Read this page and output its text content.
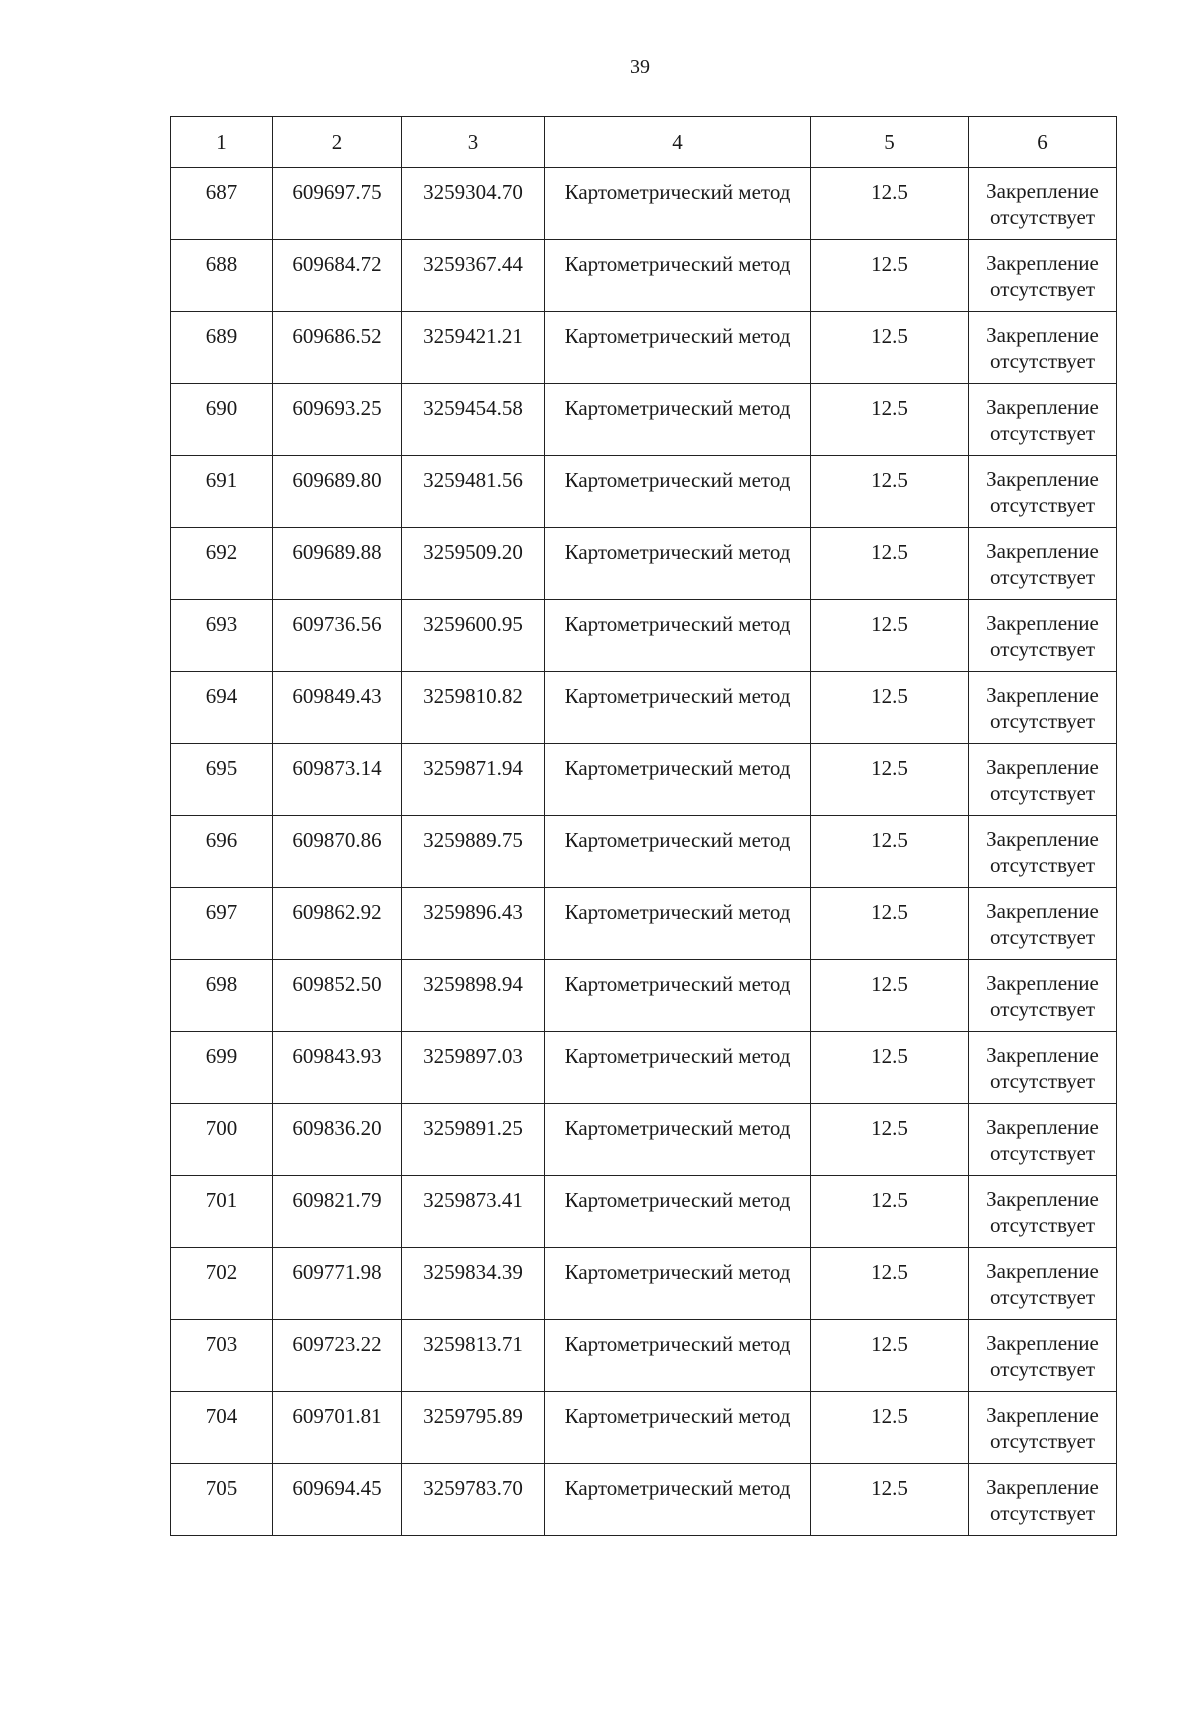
39
1	2	3	4	5	6
687	609697.75	3259304.70	Картометрический метод	12.5	Закрепление
отсутствует

688	609684.72	3259367.44	Картометрический метод	12.5	Закрепление
отсутствует

689	609686.52	3259421.21	Картометрический метод	12.5	Закрепление
отсутствует

690	609693.25	3259454.58	Картометрический метод	12.5	Закрепление
отсутствует

691	609689.80	3259481.56	Картометрический метод	12.5	Закрепление
отсутствует

692	609689.88	3259509.20	Картометрический метод	12.5	Закрепление
отсутствует

693	609736.56	3259600.95	Картометрический метод	12.5	Закрепление
отсутствует

694	609849.43	3259810.82	Картометрический метод	12.5	Закрепление
отсутствует

695	609873.14	3259871.94	Картометрический метод	12.5	Закрепление
отсутствует

696	609870.86	3259889.75	Картометрический метод	12.5	Закрепление
отсутствует

697	609862.92	3259896.43	Картометрический метод	12.5	Закрепление
отсутствует

698	609852.50	3259898.94	Картометрический метод	12.5	Закрепление
отсутствует

699	609843.93	3259897.03	Картометрический метод	12.5	Закрепление
отсутствует

700	609836.20	3259891.25	Картометрический метод	12.5	Закрепление
отсутствует

701	609821.79	3259873.41	Картометрический метод	12.5	Закрепление
отсутствует

702	609771.98	3259834.39	Картометрический метод	12.5	Закрепление
отсутствует

703	609723.22	3259813.71	Картометрический метод	12.5	Закрепление
отсутствует

704	609701.81	3259795.89	Картометрический метод	12.5	Закрепление
отсутствует

705	609694.45	3259783.70	Картометрический метод	12.5	Закрепление
отсутствует
